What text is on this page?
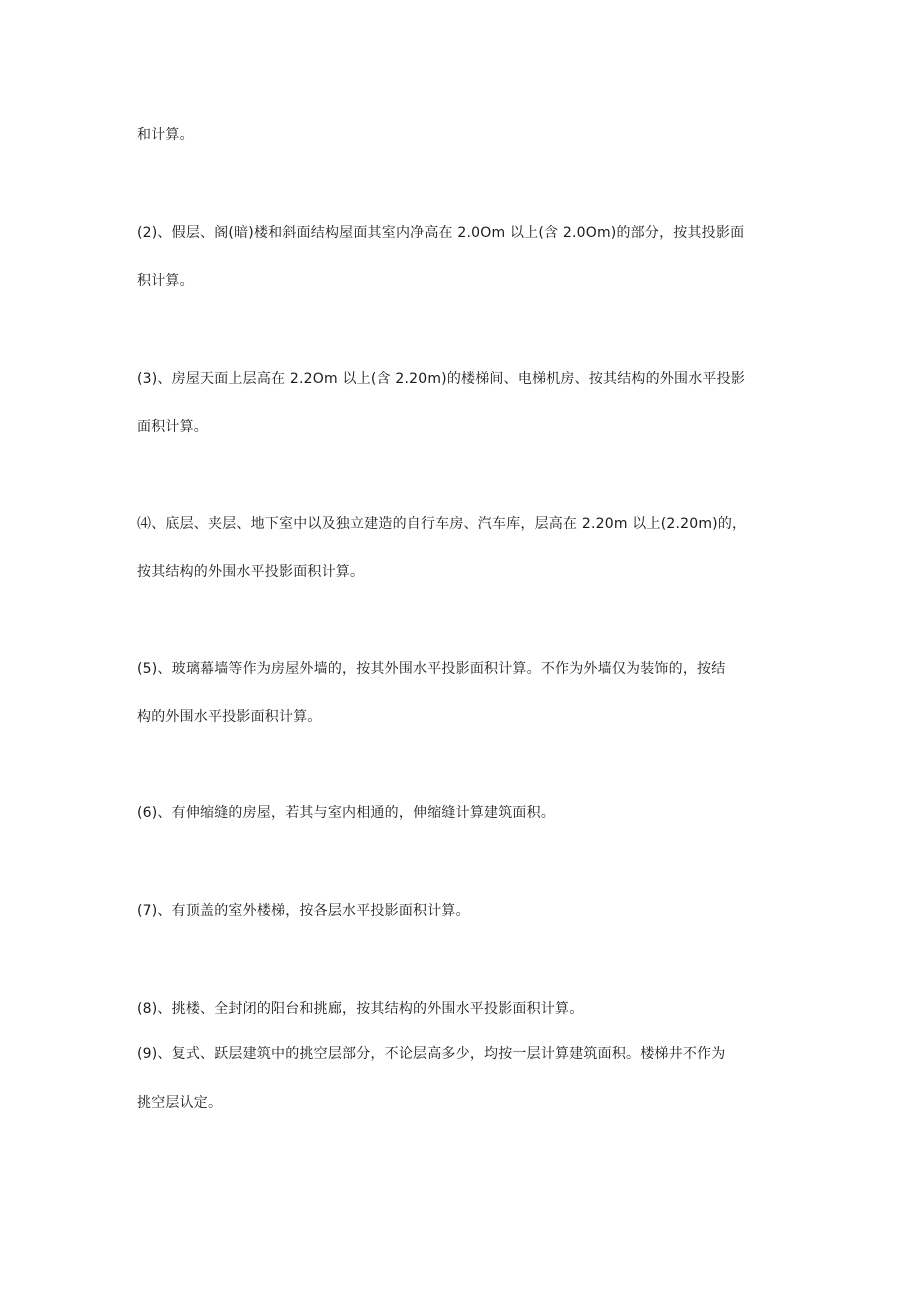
和计算。
(2)、假层、阁(暗)楼和斜面结构屋面其室内净高在 2.0Om 以上(含 2.0Om)的部分，按其投影面
积计算。
(3)、房屋天面上层高在 2.2Om 以上(含 2.20m)的楼梯间、电梯机房、按其结构的外围水平投影
面积计算。
⑷、底层、夹层、地下室中以及独立建造的自行车房、汽车库，层高在 2.20m 以上(2.20m)的，
按其结构的外围水平投影面积计算。
(5)、玻璃幕墙等作为房屋外墙的，按其外围水平投影面积计算。不作为外墙仅为装饰的，按结
构的外围水平投影面积计算。
(6)、有伸缩缝的房屋，若其与室内相通的，伸缩缝计算建筑面积。
(7)、有顶盖的室外楼梯，按各层水平投影面积计算。
(8)、挑楼、全封闭的阳台和挑廊，按其结构的外围水平投影面积计算。
(9)、复式、跃层建筑中的挑空层部分，不论层高多少，均按一层计算建筑面积。楼梯井不作为
挑空层认定。
